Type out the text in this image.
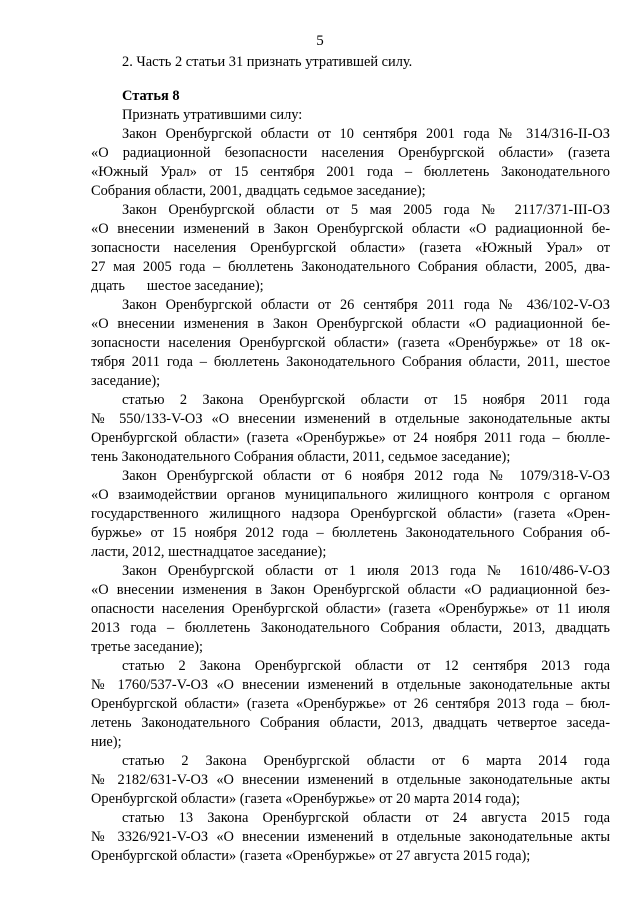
5
2. Часть 2 статьи 31 признать утратившей силу.
Статья 8
Признать утратившими силу:
Закон Оренбургской области от 10 сентября 2001 года № 314/316-II-ОЗ
«О радиационной безопасности населения Оренбургской области» (газета
«Южный Урал» от 15 сентября 2001 года – бюллетень Законодательного
Собрания области, 2001, двадцать седьмое заседание);
Закон Оренбургской области от 5 мая 2005 года № 2117/371-III-ОЗ
«О внесении изменений в Закон Оренбургской области «О радиационной бе-
зопасности населения Оренбургской области» (газета «Южный Урал» от
27 мая 2005 года – бюллетень Законодательного Собрания области, 2005, два-
дцать шестое заседание);
Закон Оренбургской области от 26 сентября 2011 года № 436/102-V-ОЗ
«О внесении изменения в Закон Оренбургской области «О радиационной бе-
зопасности населения Оренбургской области» (газета «Оренбуржье» от 18 ок-
тября 2011 года – бюллетень Законодательного Собрания области, 2011, шестое
заседание);
статью 2 Закона Оренбургской области от 15 ноября 2011 года
№ 550/133-V-ОЗ «О внесении изменений в отдельные законодательные акты
Оренбургской области» (газета «Оренбуржье» от 24 ноября 2011 года – бюлле-
тень Законодательного Собрания области, 2011, седьмое заседание);
Закон Оренбургской области от 6 ноября 2012 года № 1079/318-V-ОЗ
«О взаимодействии органов муниципального жилищного контроля с органом
государственного жилищного надзора Оренбургской области» (газета «Орен-
буржье» от 15 ноября 2012 года – бюллетень Законодательного Собрания об-
ласти, 2012, шестнадцатое заседание);
Закон Оренбургской области от 1 июля 2013 года № 1610/486-V-ОЗ
«О внесении изменения в Закон Оренбургской области «О радиационной без-
опасности населения Оренбургской области» (газета «Оренбуржье» от 11 июля
2013 года – бюллетень Законодательного Собрания области, 2013, двадцать
третье заседание);
статью 2 Закона Оренбургской области от 12 сентября 2013 года
№ 1760/537-V-ОЗ «О внесении изменений в отдельные законодательные акты
Оренбургской области» (газета «Оренбуржье» от 26 сентября 2013 года – бюл-
летень Законодательного Собрания области, 2013, двадцать четвертое заседа-
ние);
статью 2 Закона Оренбургской области от 6 марта 2014 года
№ 2182/631-V-ОЗ «О внесении изменений в отдельные законодательные акты
Оренбургской области» (газета «Оренбуржье» от 20 марта 2014 года);
статью 13 Закона Оренбургской области от 24 августа 2015 года
№ 3326/921-V-ОЗ «О внесении изменений в отдельные законодательные акты
Оренбургской области» (газета «Оренбуржье» от 27 августа 2015 года);
